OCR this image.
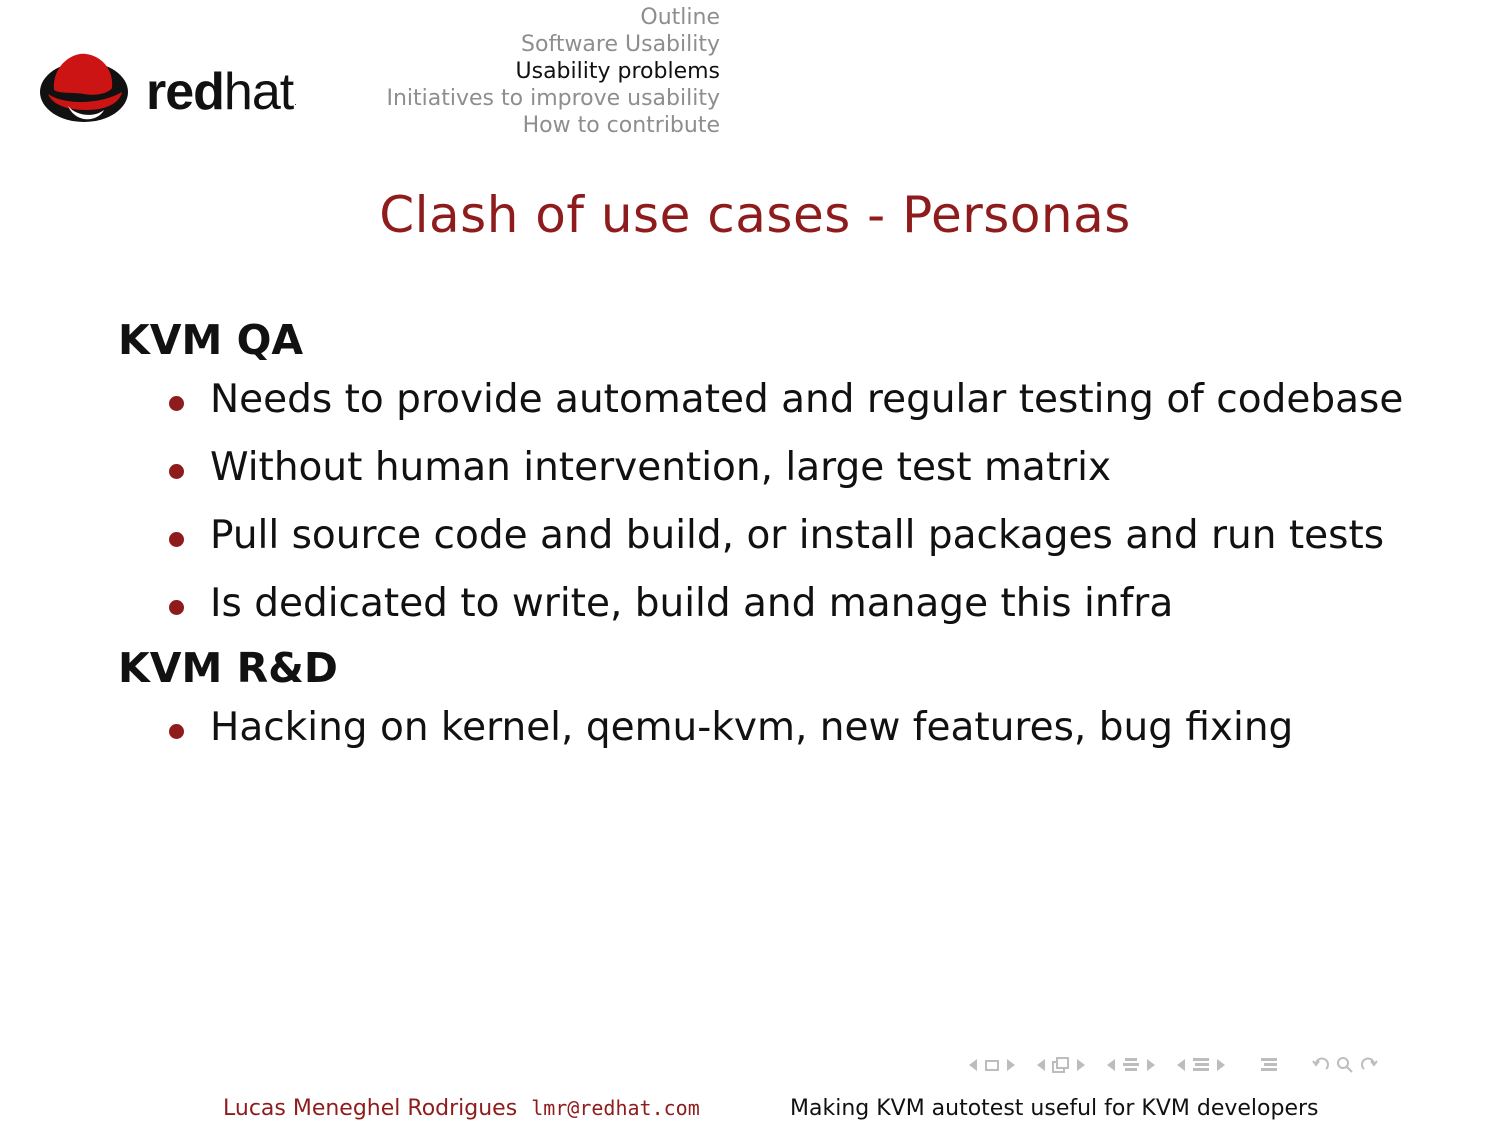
redhat.
Outline
Software Usability
Usability problems
Initiatives to improve usability
How to contribute
Clash of use cases - Personas
KVM QA
Needs to provide automated and regular testing of codebase
Without human intervention, large test matrix
Pull source code and build, or install packages and run tests
Is dedicated to write, build and manage this infra
KVM R&D
Hacking on kernel, qemu-kvm, new features, bug fixing
Lucas Meneghel Rodrigues lmr@redhat.com	Making KVM autotest useful for KVM developers
